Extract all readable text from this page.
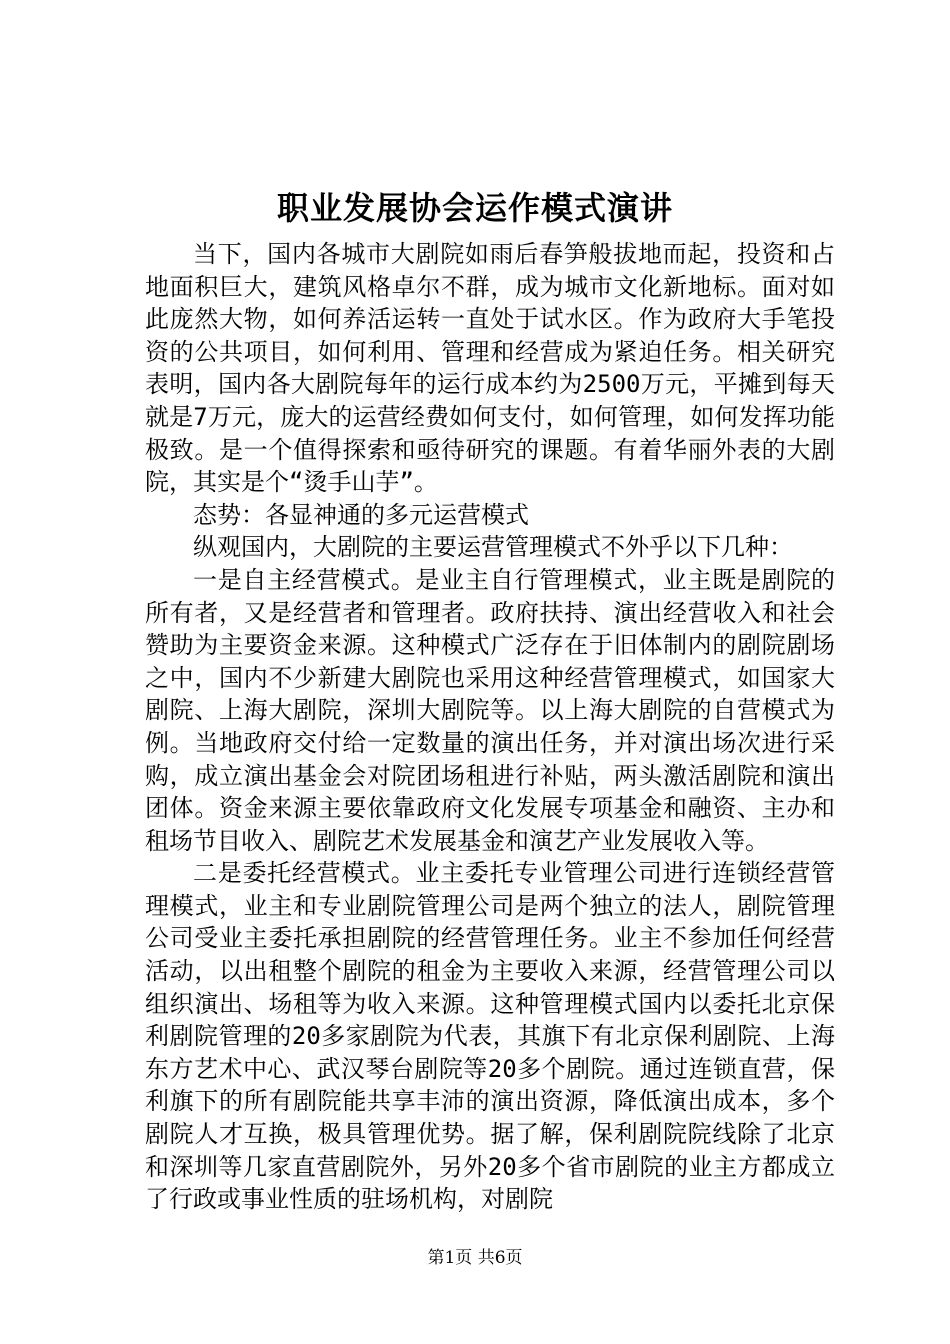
职业发展协会运作模式演讲

当下，国内各城市大剧院如雨后春笋般拔地而起，投资和占地面积巨大，建筑风格卓尔不群，成为城市文化新地标。面对如此庞然大物，如何养活运转一直处于试水区。作为政府大手笔投资的公共项目，如何利用、管理和经营成为紧迫任务。相关研究表明，国内各大剧院每年的运行成本约为2500万元，平摊到每天就是7万元，庞大的运营经费如何支付，如何管理，如何发挥功能极致。是一个值得探索和亟待研究的课题。有着华丽外表的大剧院，其实是个“烫手山芋”。

态势：各显神通的多元运营模式

纵观国内，大剧院的主要运营管理模式不外乎以下几种：

一是自主经营模式。是业主自行管理模式，业主既是剧院的所有者，又是经营者和管理者。政府扶持、演出经营收入和社会赞助为主要资金来源。这种模式广泛存在于旧体制内的剧院剧场之中，国内不少新建大剧院也采用这种经营管理模式，如国家大剧院、上海大剧院，深圳大剧院等。以上海大剧院的自营模式为例。当地政府交付给一定数量的演出任务，并对演出场次进行采购，成立演出基金会对院团场租进行补贴，两头激活剧院和演出团体。资金来源主要依靠政府文化发展专项基金和融资、主办和租场节目收入、剧院艺术发展基金和演艺产业发展收入等。

二是委托经营模式。业主委托专业管理公司进行连锁经营管理模式，业主和专业剧院管理公司是两个独立的法人，剧院管理公司受业主委托承担剧院的经营管理任务。业主不参加任何经营活动，以出租整个剧院的租金为主要收入来源，经营管理公司以组织演出、场租等为收入来源。这种管理模式国内以委托北京保利剧院管理的20多家剧院为代表，其旗下有北京保利剧院、上海东方艺术中心、武汉琴台剧院等20多个剧院。通过连锁直营，保利旗下的所有剧院能共享丰沛的演出资源，降低演出成本，多个剧院人才互换，极具管理优势。据了解，保利剧院院线除了北京和深圳等几家直营剧院外，另外20多个省市剧院的业主方都成立了行政或事业性质的驻场机构，对剧院

第1页 共6页
